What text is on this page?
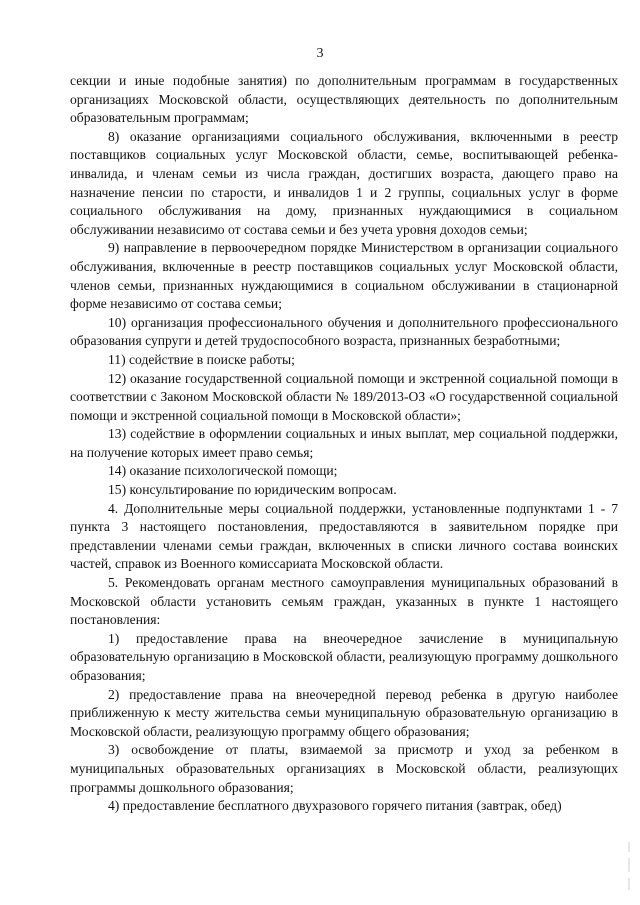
3

секции и иные подобные занятия) по дополнительным программам в государственных организациях Московской области, осуществляющих деятельность по дополнительным образовательным программам;

8) оказание организациями социального обслуживания, включенными в реестр поставщиков социальных услуг Московской области, семье, воспитывающей ребенка-инвалида, и членам семьи из числа граждан, достигших возраста, дающего право на назначение пенсии по старости, и инвалидов 1 и 2 группы, социальных услуг в форме социального обслуживания на дому, признанных нуждающимися в социальном обслуживании независимо от состава семьи и без учета уровня доходов семьи;

9) направление в первоочередном порядке Министерством в организации социального обслуживания, включенные в реестр поставщиков социальных услуг Московской области, членов семьи, признанных нуждающимися в социальном обслуживании в стационарной форме независимо от состава семьи;

10) организация профессионального обучения и дополнительного профессионального образования супруги и детей трудоспособного возраста, признанных безработными;

11) содействие в поиске работы;

12) оказание государственной социальной помощи и экстренной социальной помощи в соответствии с Законом Московской области № 189/2013-ОЗ «О государственной социальной помощи и экстренной социальной помощи в Московской области»;

13) содействие в оформлении социальных и иных выплат, мер социальной поддержки, на получение которых имеет право семья;

14) оказание психологической помощи;

15) консультирование по юридическим вопросам.

4. Дополнительные меры социальной поддержки, установленные подпунктами 1 - 7 пункта 3 настоящего постановления, предоставляются в заявительном порядке при представлении членами семьи граждан, включенных в списки личного состава воинских частей, справок из Военного комиссариата Московской области.

5. Рекомендовать органам местного самоуправления муниципальных образований в Московской области установить семьям граждан, указанных в пункте 1 настоящего постановления:

1) предоставление права на внеочередное зачисление в муниципальную образовательную организацию в Московской области, реализующую программу дошкольного образования;

2) предоставление права на внеочередной перевод ребенка в другую наиболее приближенную к месту жительства семьи муниципальную образовательную организацию в Московской области, реализующую программу общего образования;

3) освобождение от платы, взимаемой за присмотр и уход за ребенком в муниципальных образовательных организациях в Московской области, реализующих программы дошкольного образования;

4) предоставление бесплатного двухразового горячего питания (завтрак, обед)
